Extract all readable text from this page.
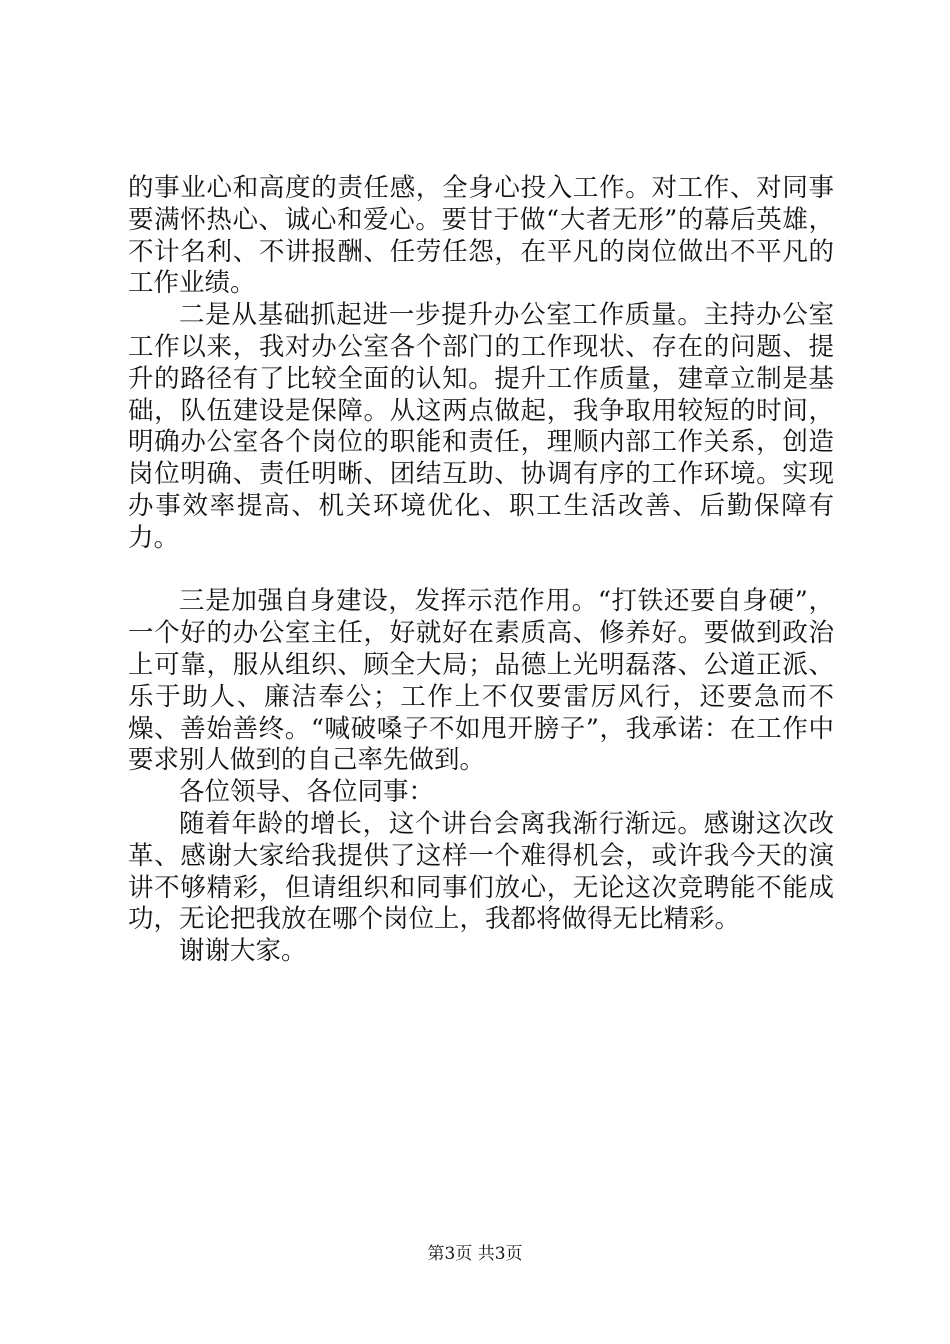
的事业心和高度的责任感，全身心投入工作。对工作、对同事要满怀热心、诚心和爱心。要甘于做“大者无形”的幕后英雄，不计名利、不讲报酬、任劳任怨，在平凡的岗位做出不平凡的工作业绩。

二是从基础抓起进一步提升办公室工作质量。主持办公室工作以来，我对办公室各个部门的工作现状、存在的问题、提升的路径有了比较全面的认知。提升工作质量，建章立制是基础，队伍建设是保障。从这两点做起，我争取用较短的时间，明确办公室各个岗位的职能和责任，理顺内部工作关系，创造岗位明确、责任明晰、团结互助、协调有序的工作环境。实现办事效率提高、机关环境优化、职工生活改善、后勤保障有力。

三是加强自身建设，发挥示范作用。“打铁还要自身硬”，一个好的办公室主任，好就好在素质高、修养好。要做到政治上可靠，服从组织、顾全大局；品德上光明磊落、公道正派、乐于助人、廉洁奉公；工作上不仅要雷厉风行，还要急而不燥、善始善终。“喊破嗓子不如甩开膀子”，我承诺：在工作中要求别人做到的自己率先做到。

各位领导、各位同事：

随着年龄的增长，这个讲台会离我渐行渐远。感谢这次改革、感谢大家给我提供了这样一个难得机会，或许我今天的演讲不够精彩，但请组织和同事们放心，无论这次竞聘能不能成功，无论把我放在哪个岗位上，我都将做得无比精彩。

谢谢大家。

第3页 共3页
